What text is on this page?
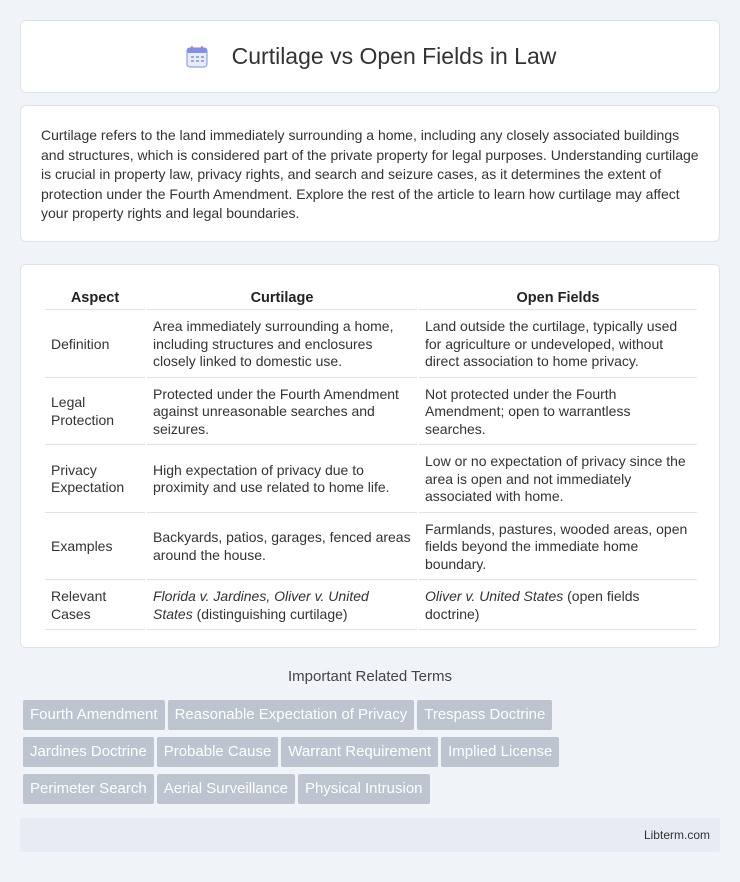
Curtilage vs Open Fields in Law

Curtilage refers to the land immediately surrounding a home, including any closely associated buildings and structures, which is considered part of the private property for legal purposes. Understanding curtilage is crucial in property law, privacy rights, and search and seizure cases, as it determines the extent of protection under the Fourth Amendment. Explore the rest of the article to learn how curtilage may affect your property rights and legal boundaries.

Aspect	Curtilage	Open Fields
Definition	Area immediately surrounding a home, including structures and enclosures closely linked to domestic use.	Land outside the curtilage, typically used for agriculture or undeveloped, without direct association to home privacy.
Legal Protection	Protected under the Fourth Amendment against unreasonable searches and seizures.	Not protected under the Fourth Amendment; open to warrantless searches.
Privacy Expectation	High expectation of privacy due to proximity and use related to home life.	Low or no expectation of privacy since the area is open and not immediately associated with home.
Examples	Backyards, patios, garages, fenced areas around the house.	Farmlands, pastures, wooded areas, open fields beyond the immediate home boundary.
Relevant Cases	Florida v. Jardines, Oliver v. United States (distinguishing curtilage)	Oliver v. United States (open fields doctrine)
Important Related Terms
Fourth Amendment Reasonable Expectation of Privacy Trespass Doctrine
Jardines Doctrine Probable Cause Warrant Requirement Implied License
Perimeter Search Aerial Surveillance Physical Intrusion
Libterm.com
